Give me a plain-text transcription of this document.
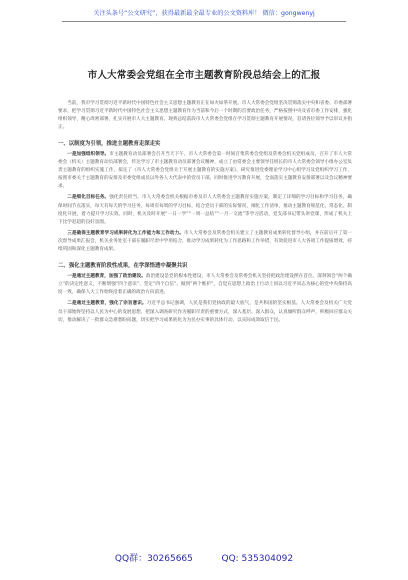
关注头条号“公文研究”，获得最新最全最专业的公文资料库！ 微信：gongwenyj
市人大常委会党组在全市主题教育阶段总结会上的汇报

当前，我市学习贯彻习近平新时代中国特色社会主义思想主题教育正在如火如荼开展。市人大常委会党组坚决贯彻落实中央和省委、市委部署要求，把学习贯彻习近平新时代中国特色社会主义思想主题教育作为当前和今后一个时期的首要政治任务，严格按照中央及省市委工作安排，强化组织领导，精心周密部署，扎实开展市人大主题教育。现将总结前段市人大常委会党组在学习贯彻主题教育开展情况，恳请各位领导予以审议并指正。

一、以制度为引领，推进主题教育走深走实

一是加强组织领导。市主题教育动员部署会召开当天下午，市人大常委会第一时间召集常委会党组及常委会机关党组成员，召开了市人大常委会（机关）主题教育动员部署会，传达学习了市主题教育动员部署会议精神，成立了由常委会主要领导任组长的市人大常委会领导小组办公室负责主题教育的组织实施工作，拟定了《市人大常委会党组关于开展主题教育的实施方案》，研究推进党委理论学习中心组学习及党组织学习工作，按照市委关于主题教育的安排及市委党组成员以外各人大代表中的党员干部，同时推进学习教育开展，全面落实主题教育安排部署以及会议精神要求。

二是细化目标任务。强化责任担当，市人大常委会机关根据市委及市人大常委会主题教育实施方案，制定了详细的学习目标和学习任务，确保时间节点落实，每天有每天的学习任务，每周有每周的学习目标，结合党员干部的实际情况，细化工作清单，推动主题教育规范化、常态化、制度化开展，着力提升学习实效。同时，机关及时开展“一日一学”“一周一总结”“一月一交流”等学习活动，党支部书记带头讲党课，形成了机关上下比学赶超的良好氛围。

三是确保主题教育学习成果转化为工作能力和工作动力。市人大常委会及常委会机关建立了主题教育成果转化督导小组，并在前后开了第一次督导成果汇报会，机关业务处室干部在履职尽责中学用结合，推动学习成果转化为工作思路和工作举措，有效促进市人大各项工作提质增效，持续巩固和深化主题教育成果。

二、强化主题教育阶段性成果，在学深悟透中凝聚共识

一是通过主题教育，加强了政治建设。政治建设是党的根本性建设，市人大常委会及常委会机关坚持把政治建设摆在首位，深刻领会“两个确立”的决定性意义，不断增强“四个意识”、坚定“四个自信”、做到“两个维护”，自觉在思想上政治上行动上同以习近平同志为核心的党中央保持高度一致，确保人大工作始终沿着正确的政治方向前进。

二是通过主题教育，强化了宗旨意识。习近平总书记强调，人民是我们党执政的最大底气，是共和国的坚实根基。人大常委会及机关广大党员干部始终坚持以人民为中心的发展思想，把深入调查研究作为履职尽责的重要方式，深入基层、深入群众，认真倾听群众呼声，积极回应群众关切，推动解决了一批群众急难愁盼问题，切实把学习成果转化为为民办实事的具体行动，以实际成效取信于民。

QQ群：30265665          QQ: 535304092
